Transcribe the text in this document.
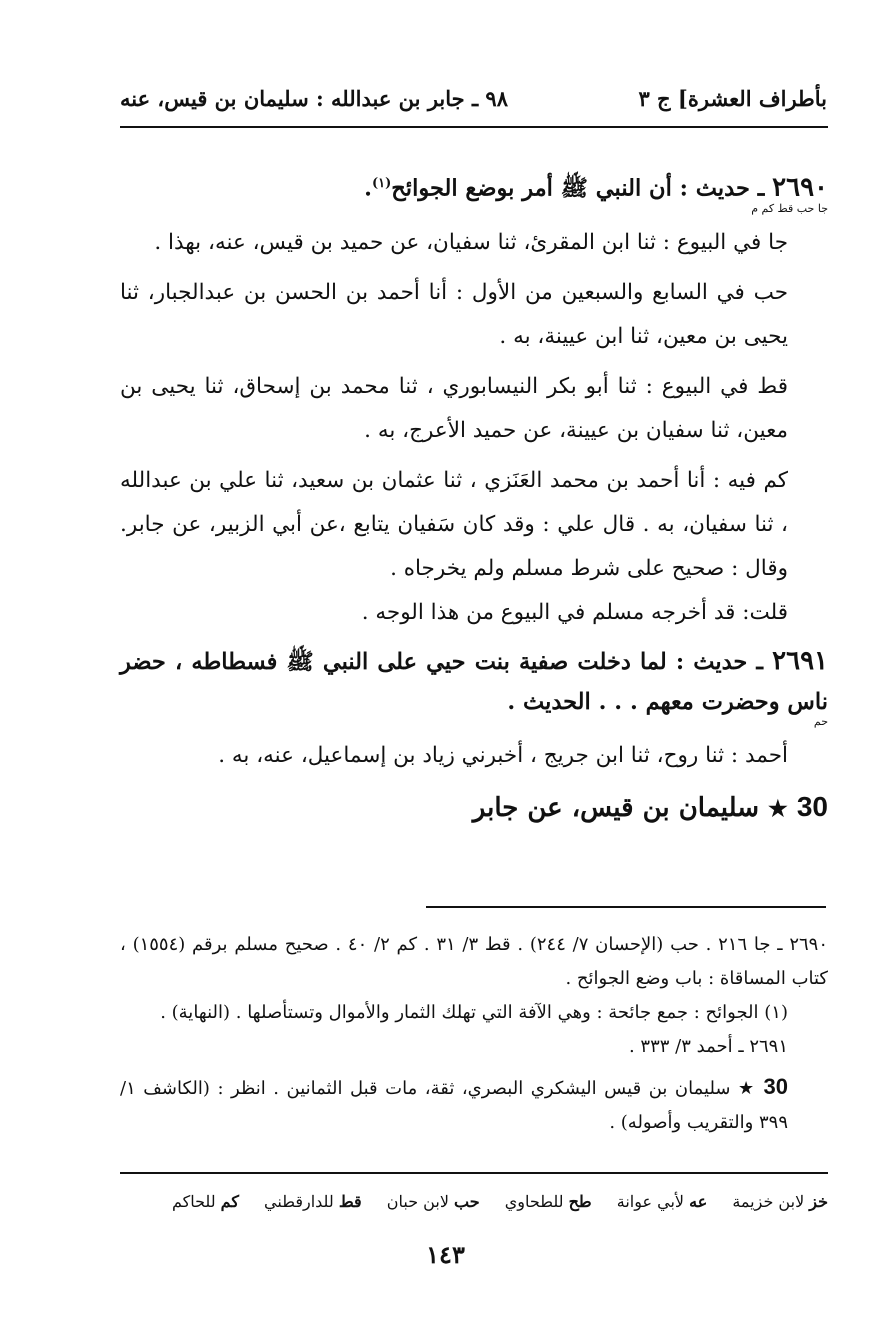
بأطراف العشرة] ج ٣
٩٨ ـ جابر بن عبدالله : سليمان بن قيس، عنه

٢٦٩٠ ـ حديث : أن النبي ﷺ أمر بوضع الجوائح$^{(١)}$.

جا حب قط كم م

جا في البيوع : ثنا ابن المقرئ، ثنا سفيان، عن حميد بن قيس، عنه، بهذا .

حب في السابع والسبعين من الأول : أنا أحمد بن الحسن بن عبدالجبار، ثنا يحيى بن معين، ثنا ابن عيينة، به .

قط في البيوع : ثنا أبو بكر النيسابوري ، ثنا محمد بن إسحاق، ثنا يحيى بن معين، ثنا سفيان بن عيينة، عن حميد الأعرج، به .

كم فيه : أنا أحمد بن محمد العَنَزي ، ثنا عثمان بن سعيد، ثنا علي بن عبدالله ، ثنا سفيان، به . قال علي : وقد كان سَفيان يتابع ،عن أبي الزبير، عن جابر. وقال : صحيح على شرط مسلم ولم يخرجاه .

قلت: قد أخرجه مسلم في البيوع من هذا الوجه .

٢٦٩١ ـ حديث : لما دخلت صفية بنت حيي على النبي ﷺ فسطاطه ، حضر ناس وحضرت معهم . . . الحديث .

حم

أحمد : ثنا روح، ثنا ابن جريج ، أخبرني زياد بن إسماعيل، عنه، به .

30 ★ سليمان بن قيس، عن جابر

٢٦٩٠ ـ جا ٢١٦ . حب (الإحسان ٧/ ٢٤٤) . قط ٣/ ٣١ . كم ٢/ ٤٠ . صحيح مسلم برقم (١٥٥٤) ، كتاب المساقاة : باب وضع الجوائح .

(١) الجوائح : جمع جائحة : وهي الآفة التي تهلك الثمار والأموال وتستأصلها . (النهاية) .

٢٦٩١ ـ أحمد ٣/ ٣٣٣ .

30 ★ سليمان بن قيس اليشكري البصري، ثقة، مات قبل الثمانين . انظر : (الكاشف ١/ ٣٩٩ والتقريب وأصوله) .

خز لابن خزيمة عه لأبي عوانة طح للطحاوي حب لابن حبان قط للدارقطني كم للحاكم
١٤٣
